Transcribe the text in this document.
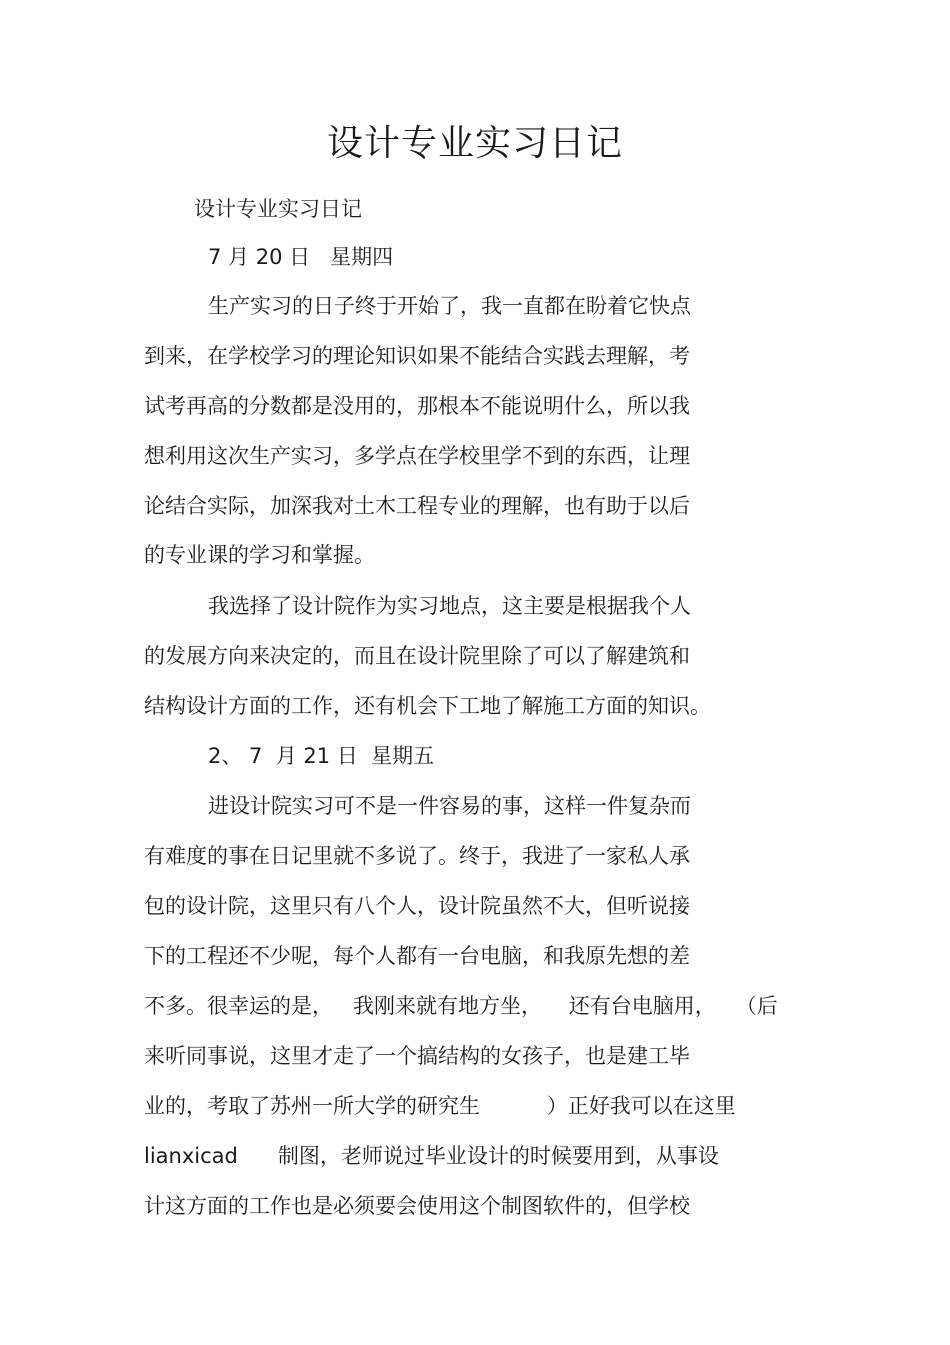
设计专业实习日记
设计专业实习日记
7 月 20 日   星期四
生产实习的日子终于开始了，我一直都在盼着它快点
到来，在学校学习的理论知识如果不能结合实践去理解，考
试考再高的分数都是没用的，那根本不能说明什么，所以我
想利用这次生产实习，多学点在学校里学不到的东西，让理
论结合实际，加深我对土木工程专业的理解，也有助于以后
的专业课的学习和掌握。
我选择了设计院作为实习地点，这主要是根据我个人
的发展方向来决定的，而且在设计院里除了可以了解建筑和
结构设计方面的工作，还有机会下工地了解施工方面的知识。
2、 7  月 21 日  星期五
进设计院实习可不是一件容易的事，这样一件复杂而
有难度的事在日记里就不多说了。终于，我进了一家私人承
包的设计院，这里只有八个人，设计院虽然不大，但听说接
下的工程还不少呢，每个人都有一台电脑，和我原先想的差
不多。很幸运的是，   我刚来就有地方坐，    还有台电脑用，   （后
来听同事说，这里才走了一个搞结构的女孩子，也是建工毕
业的，考取了苏州一所大学的研究生          ）正好我可以在这里
lianxicad      制图，老师说过毕业设计的时候要用到，从事设
计这方面的工作也是必须要会使用这个制图软件的，但学校
